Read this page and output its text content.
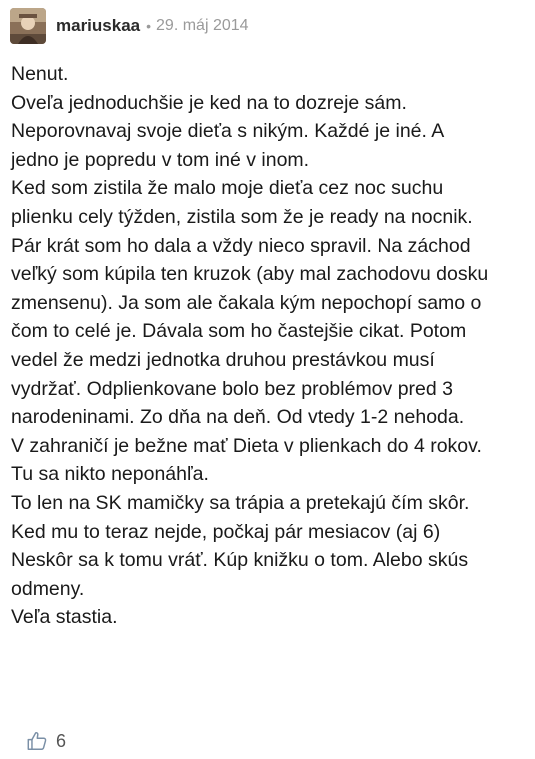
mariuskaa • 29. máj 2014
Nenut.
Oveľa jednoduchšie je ked na to dozreje sám.
Neporovnavaj svoje dieťa s nikým. Každé je iné. A
jedno je popredu v tom iné v inom.
Ked som zistila že malo moje dieťa cez noc suchu
plienku cely týžden, zistila som že je ready na nocnik.
Pár krát som ho dala a vždy nieco spravil. Na záchod
veľký som kúpila ten kruzok (aby mal zachodovu dosku
zmensenu). Ja som ale čakala kým nepochopí samo o
čom to celé je. Dávala som ho častejšie cikat. Potom
vedel že medzi jednotka druhou prestávkou musí
vydržať. Odplienkovane bolo bez problémov pred 3
narodeninami. Zo dňa na deň. Od vtedy 1-2 nehoda.
V zahraničí je bežne mať Dieta v plienkach do 4 rokov.
Tu sa nikto neponáhľa.
To len na SK mamičky sa trápia a pretekajú čím skôr.
Ked mu to teraz nejde, počkaj pár mesiacov (aj 6)
Neskôr sa k tomu vráť. Kúp knižku o tom. Alebo skús
odmeny.
Veľa stastia.
6
